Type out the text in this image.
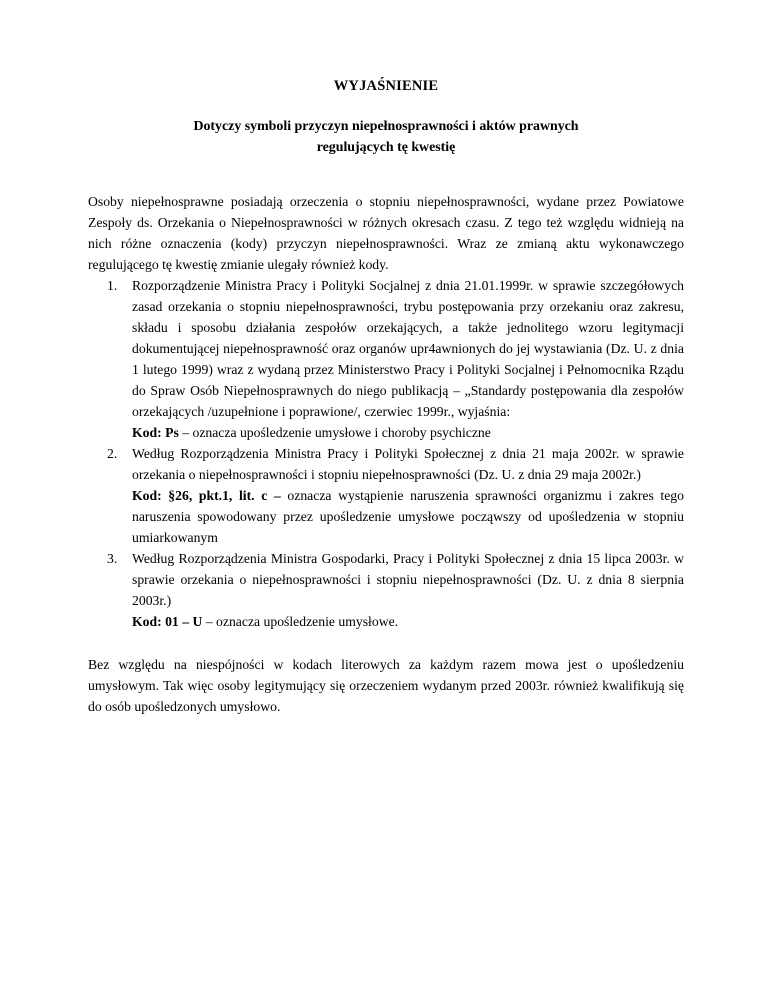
WYJAŚNIENIE
Dotyczy symboli przyczyn niepełnosprawności i aktów prawnych
regulujących tę kwestię

Osoby niepełnosprawne posiadają orzeczenia o stopniu niepełnosprawności, wydane przez Powiatowe Zespoły ds. Orzekania o Niepełnosprawności w różnych okresach czasu. Z tego też względu widnieją na nich różne oznaczenia (kody) przyczyn niepełnosprawności. Wraz ze zmianą aktu wykonawczego regulującego tę kwestię zmianie ulegały również kody.

1.	Rozporządzenie Ministra Pracy i Polityki Socjalnej z dnia 21.01.1999r. w sprawie szczegółowych zasad orzekania o stopniu niepełnosprawności, trybu postępowania przy orzekaniu oraz zakresu, składu i sposobu działania zespołów orzekających, a także jednolitego wzoru legitymacji dokumentującej niepełnosprawność oraz organów upr4awnionych do jej wystawiania (Dz. U. z dnia 1 lutego 1999) wraz z wydaną przez Ministerstwo Pracy i Polityki Socjalnej i Pełnomocnika Rządu do Spraw Osób Niepełnosprawnych do niego publikacją – „Standardy postępowania dla zespołów orzekających /uzupełnione i poprawione/, czerwiec 1999r., wyjaśnia:

Kod: Ps – oznacza upośledzenie umysłowe i choroby psychiczne

2.	Według Rozporządzenia Ministra Pracy i Polityki Społecznej z dnia 21 maja 2002r. w sprawie orzekania o niepełnosprawności i stopniu niepełnosprawności (Dz. U. z dnia 29 maja 2002r.)

Kod: §26, pkt.1, lit. c – oznacza wystąpienie naruszenia sprawności organizmu i zakres tego naruszenia spowodowany przez upośledzenie umysłowe począwszy od upośledzenia w stopniu umiarkowanym

3.	Według Rozporządzenia Ministra Gospodarki, Pracy i Polityki Społecznej z dnia 15 lipca 2003r. w sprawie orzekania o niepełnosprawności i stopniu niepełnosprawności (Dz. U. z dnia 8 sierpnia 2003r.)

Kod: 01 – U – oznacza upośledzenie umysłowe.

Bez względu na niespójności w kodach literowych za każdym razem mowa jest o upośledzeniu umysłowym. Tak więc osoby legitymujący się orzeczeniem wydanym przed 2003r. również kwalifikują się do osób upośledzonych umysłowo.
